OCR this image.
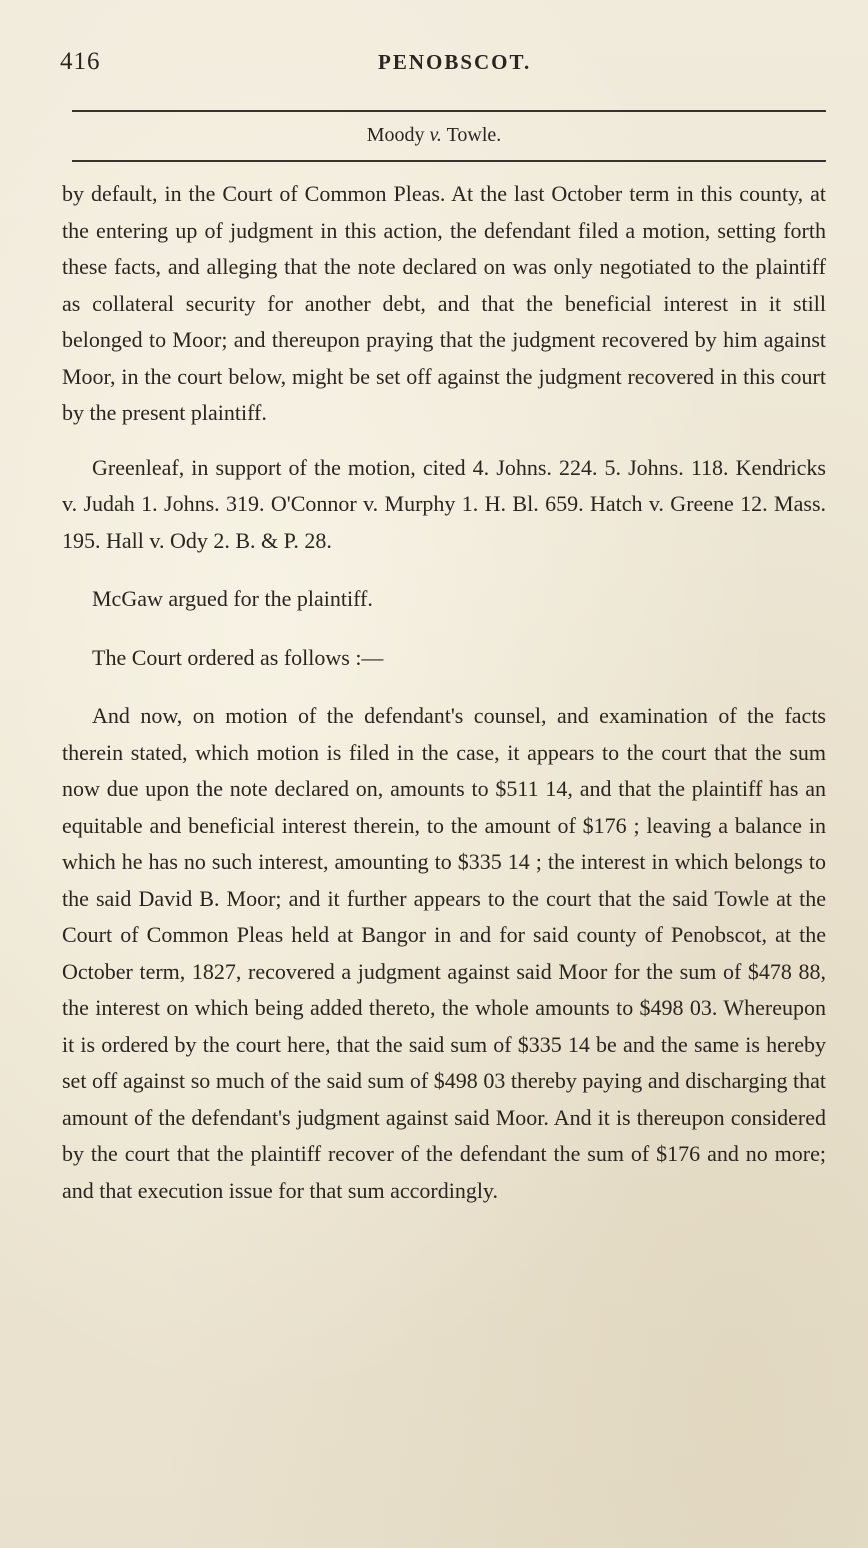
416	PENOBSCOT.
Moody v. Towle.

by default, in the Court of Common Pleas. At the last October term in this county, at the entering up of judgment in this action, the defendant filed a motion, setting forth these facts, and alleging that the note declared on was only negotiated to the plaintiff as collateral security for another debt, and that the beneficial interest in it still belonged to Moor; and thereupon praying that the judgment recovered by him against Moor, in the court below, might be set off against the judgment recovered in this court by the present plaintiff.

Greenleaf, in support of the motion, cited 4. Johns. 224. 5. Johns. 118. Kendricks v. Judah 1. Johns. 319. O'Connor v. Murphy 1. H. Bl. 659. Hatch v. Greene 12. Mass. 195. Hall v. Ody 2. B. & P. 28.

McGaw argued for the plaintiff.

The Court ordered as follows :—

And now, on motion of the defendant's counsel, and examination of the facts therein stated, which motion is filed in the case, it appears to the court that the sum now due upon the note declared on, amounts to $511 14, and that the plaintiff has an equitable and beneficial interest therein, to the amount of $176 ; leaving a balance in which he has no such interest, amounting to $335 14 ; the interest in which belongs to the said David B. Moor; and it further appears to the court that the said Towle at the Court of Common Pleas held at Bangor in and for said county of Penobscot, at the October term, 1827, recovered a judgment against said Moor for the sum of $478 88, the interest on which being added thereto, the whole amounts to $498 03. Whereupon it is ordered by the court here, that the said sum of $335 14 be and the same is hereby set off against so much of the said sum of $498 03 thereby paying and discharging that amount of the defendant's judgment against said Moor. And it is thereupon considered by the court that the plaintiff recover of the defendant the sum of $176 and no more; and that execution issue for that sum accordingly.
